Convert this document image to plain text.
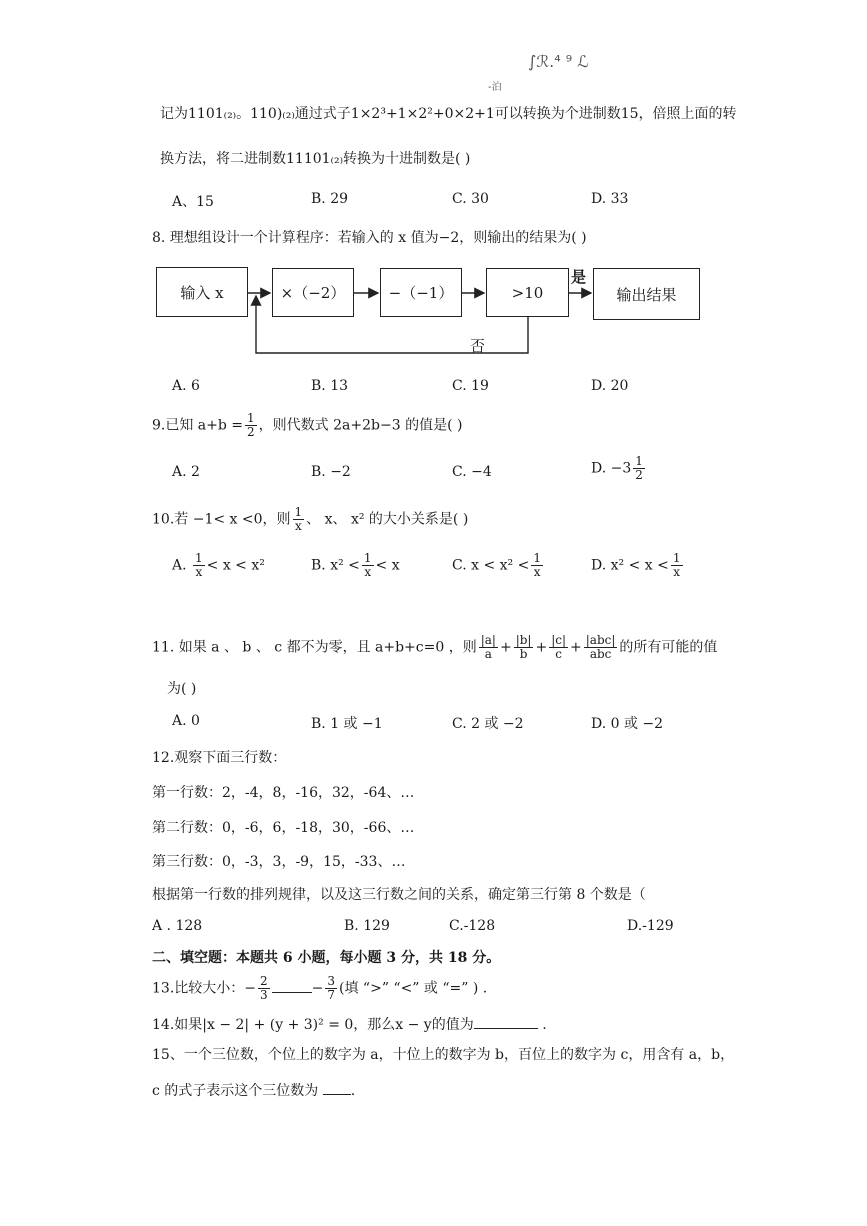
∫ℛ.⁴ ⁹ ℒ
-泊
记为1101₍₂₎。110)₍₂₎通过式子1×2³+1×2²+0×2+1可以转换为个进制数15，倍照上面的转
换方法，将二进制数11101₍₂₎转换为十进制数是( )
A、15	B. 29	C. 30	D. 33
8. 理想组设计一个计算程序：若输入的 x 值为−2，则输出的结果为( )
输入 x	×（−2）	−（−1）	>10	输出结果
是
否
A. 6	B. 13	C. 19	D. 20
9.已知 $a+b = \frac{1}{2}$ ，则代数式 2a+2b−3 的值是( )
A. 2	B. −2	C. −4	D. $-3 \frac{1}{2}$
10.若 −1< x <0，则 $\frac{1}{x}$ 、 x、 x² 的大小关系是( )
A. $\frac{1}{x} < x < x^2$	B. $x^2 < \frac{1}{x} < x$	C. $x < x^2 < \frac{1}{x}$	D. $x^2 < x < \frac{1}{x}$
11. 如果 a 、 b 、 c 都不为零，且 a+b+c=0 ，则 $\frac{|a|}{a} + \frac{|b|}{b} + \frac{|c|}{c} + \frac{\text{|abc|}}{\text{abc}}$ 的所有可能的值
为( )
A. 0	B. 1 或 −1	C. 2 或 −2	D. 0 或 −2
12.观察下面三行数：
第一行数：2，-4，8，-16，32，-64、…
第二行数：0，-6，6，-18，30，-66、…
第三行数：0，-3，3，-9，15，-33、…
根据第一行数的排列规律，以及这三行数之间的关系，确定第三行第 8 个数是（
A . 128	B. 129	C.-128	D.-129
二、填空题：本题共 6 小题，每小题 3 分，共 18 分。
13.比较大小：− $\frac{2}{3}$	− $\frac{3}{7}$ (填 “>” “<” 或 “=” ) .
14.如果|x − 2| + (y + 3)² = 0，那么x − y的值为	.
15、一个三位数，个位上的数字为 a，十位上的数字为 b，百位上的数字为 c，用含有 a，b，
c 的式子表示这个三位数为 .
